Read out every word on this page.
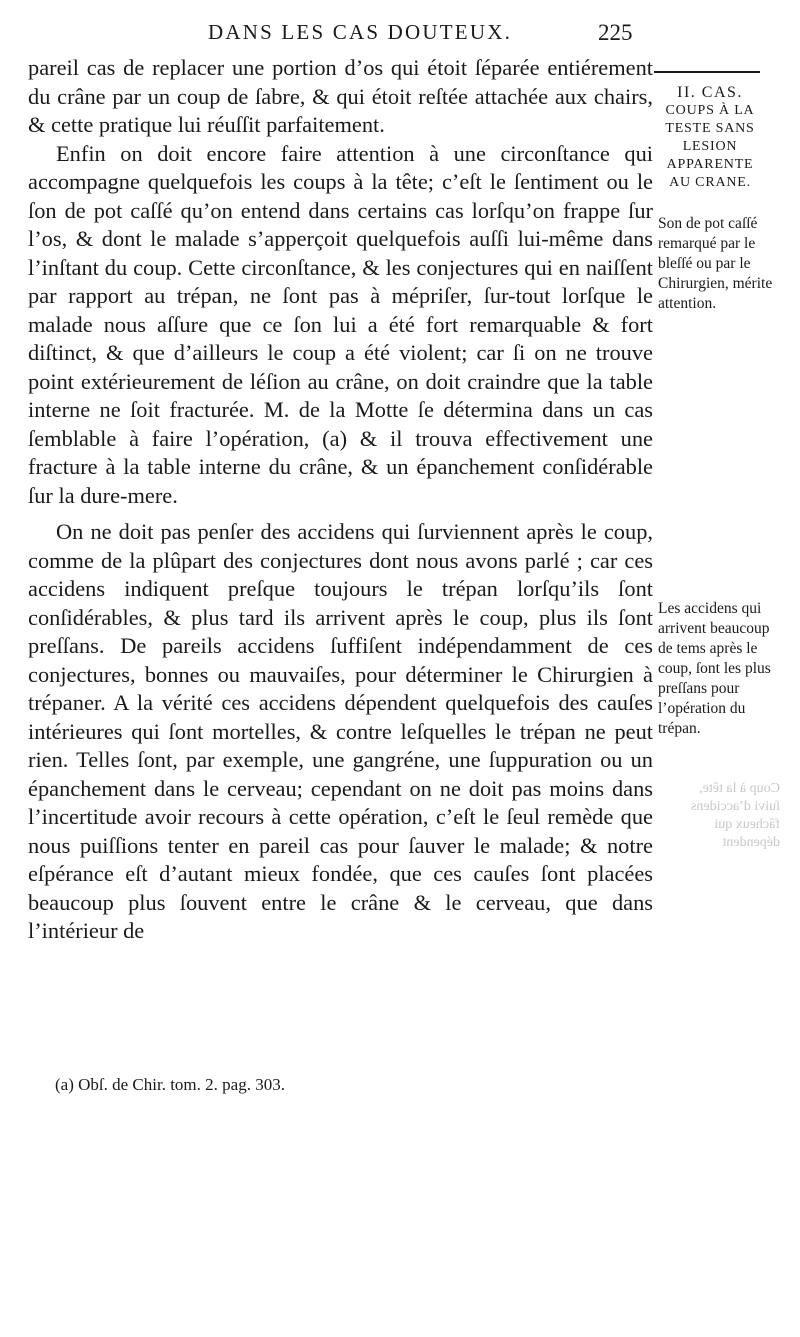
Coup à la tête, ſuivi d’accidens fâcheux qui dépendent
DANS LES CAS DOUTEUX.	225

pareil cas de replacer une portion d’os qui étoit ſéparée entiérement du crâne par un coup de ſabre, & qui étoit reſtée attachée aux chairs, & cette pratique lui réuſſit parfaitement.

Enfin on doit encore faire attention à une circonſtance qui accompagne quelquefois les coups à la tête; c’eſt le ſentiment ou le ſon de pot caſſé qu’on entend dans certains cas lorſqu’on frappe ſur l’os, & dont le malade s’apperçoit quelquefois auſſi lui-même dans l’inſtant du coup. Cette circonſtance, & les conjectures qui en naiſſent par rapport au trépan, ne ſont pas à mépriſer, ſur-tout lorſque le malade nous aſſure que ce ſon lui a été fort remarquable & fort diſtinct, & que d’ailleurs le coup a été violent; car ſi on ne trouve point extérieurement de léſion au crâne, on doit craindre que la table interne ne ſoit fracturée. M. de la Motte ſe détermina dans un cas ſemblable à faire l’opération, (a) & il trouva effectivement une fracture à la table interne du crâne, & un épanchement conſidérable ſur la dure-mere.

On ne doit pas penſer des accidens qui ſurviennent après le coup, comme de la plûpart des conjectures dont nous avons parlé ; car ces accidens indiquent preſque toujours le trépan lorſqu’ils ſont conſidérables, & plus tard ils arrivent après le coup, plus ils ſont preſſans. De pareils accidens ſuffiſent indépendamment de ces conjectures, bonnes ou mauvaiſes, pour déterminer le Chirurgien à trépaner. A la vérité ces accidens dépendent quelquefois des cauſes intérieures qui ſont mortelles, & contre leſquelles le trépan ne peut rien. Telles ſont, par exemple, une gangréne, une ſuppuration ou un épanchement dans le cerveau; cependant on ne doit pas moins dans l’incertitude avoir recours à cette opération, c’eſt le ſeul remède que nous puiſſions tenter en pareil cas pour ſauver le malade; & notre eſpérance eſt d’autant mieux fondée, que ces cauſes ſont placées beaucoup plus ſouvent entre le crâne & le cerveau, que dans l’intérieur de

(a) Obſ. de Chir. tom. 2. pag. 303.
II. CAS.
COUPS À LA TESTE SANS LESION APPARENTE AU CRANE.
Son de pot caſſé remarqué par le bleſſé ou par le Chirurgien, mérite attention.
Les accidens qui arrivent beaucoup de tems après le coup, ſont les plus preſſans pour l’opération du trépan.
